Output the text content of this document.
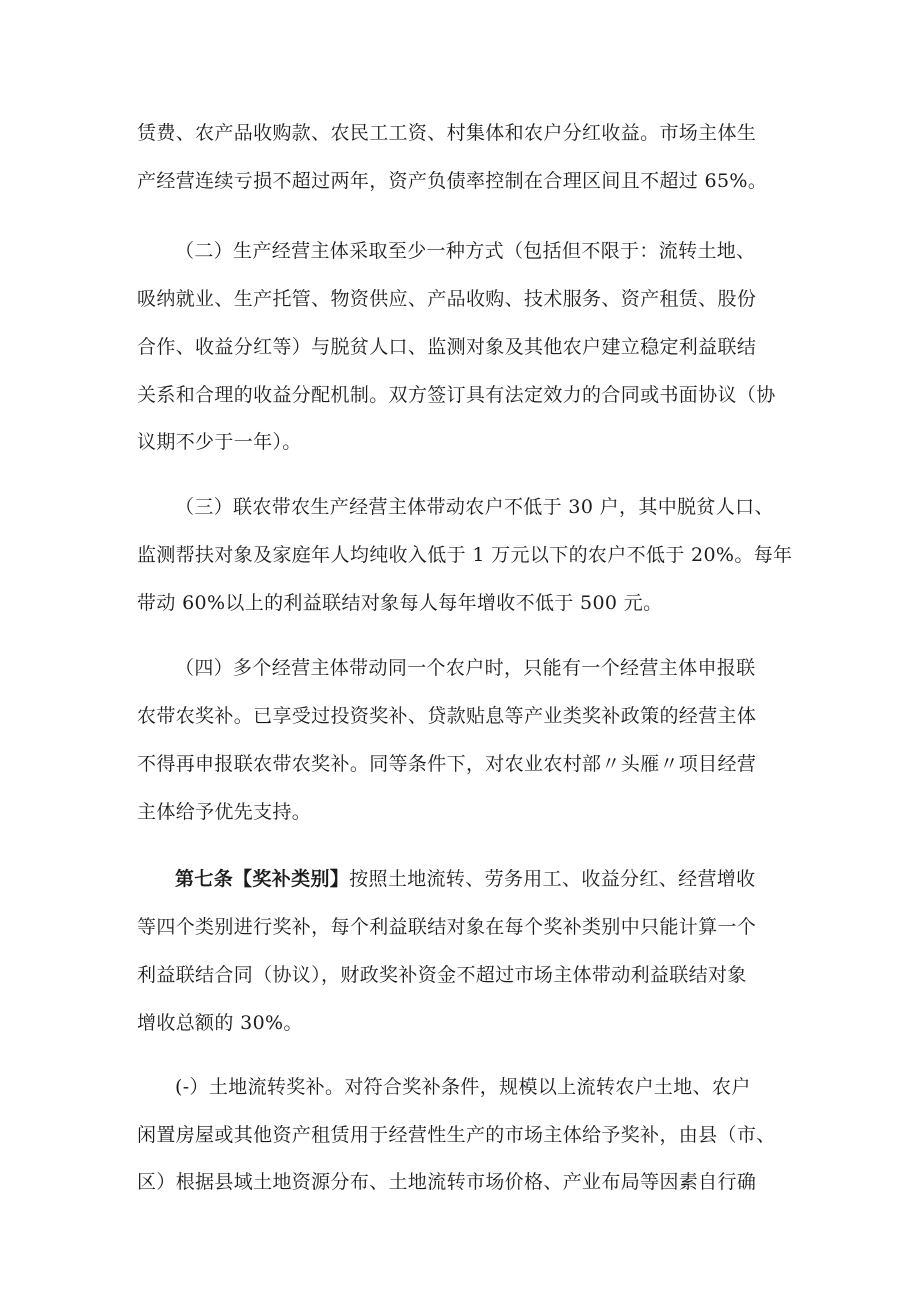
赁费、农产品收购款、农民工工资、村集体和农户分红收益。市场主体生
产经营连续亏损不超过两年，资产负债率控制在合理区间且不超过 65%。
（二）生产经营主体采取至少一种方式（包括但不限于：流转土地、
吸纳就业、生产托管、物资供应、产品收购、技术服务、资产租赁、股份
合作、收益分红等）与脱贫人口、监测对象及其他农户建立稳定利益联结
关系和合理的收益分配机制。双方签订具有法定效力的合同或书面协议（协
议期不少于一年）。
（三）联农带农生产经营主体带动农户不低于 30 户，其中脱贫人口、
监测帮扶对象及家庭年人均纯收入低于 1 万元以下的农户不低于 20%。每年
带动 60%以上的利益联结对象每人每年增收不低于 500 元。
（四）多个经营主体带动同一个农户时，只能有一个经营主体申报联
农带农奖补。已享受过投资奖补、贷款贴息等产业类奖补政策的经营主体
不得再申报联农带农奖补。同等条件下，对农业农村部〃头雁〃项目经营
主体给予优先支持。
第七条【奖补类别】按照土地流转、劳务用工、收益分红、经营增收
等四个类别进行奖补，每个利益联结对象在每个奖补类别中只能计算一个
利益联结合同（协议），财政奖补资金不超过市场主体带动利益联结对象
增收总额的 30%。
(-）土地流转奖补。对符合奖补条件，规模以上流转农户土地、农户
闲置房屋或其他资产租赁用于经营性生产的市场主体给予奖补，由县（市、
区）根据县域土地资源分布、土地流转市场价格、产业布局等因素自行确
